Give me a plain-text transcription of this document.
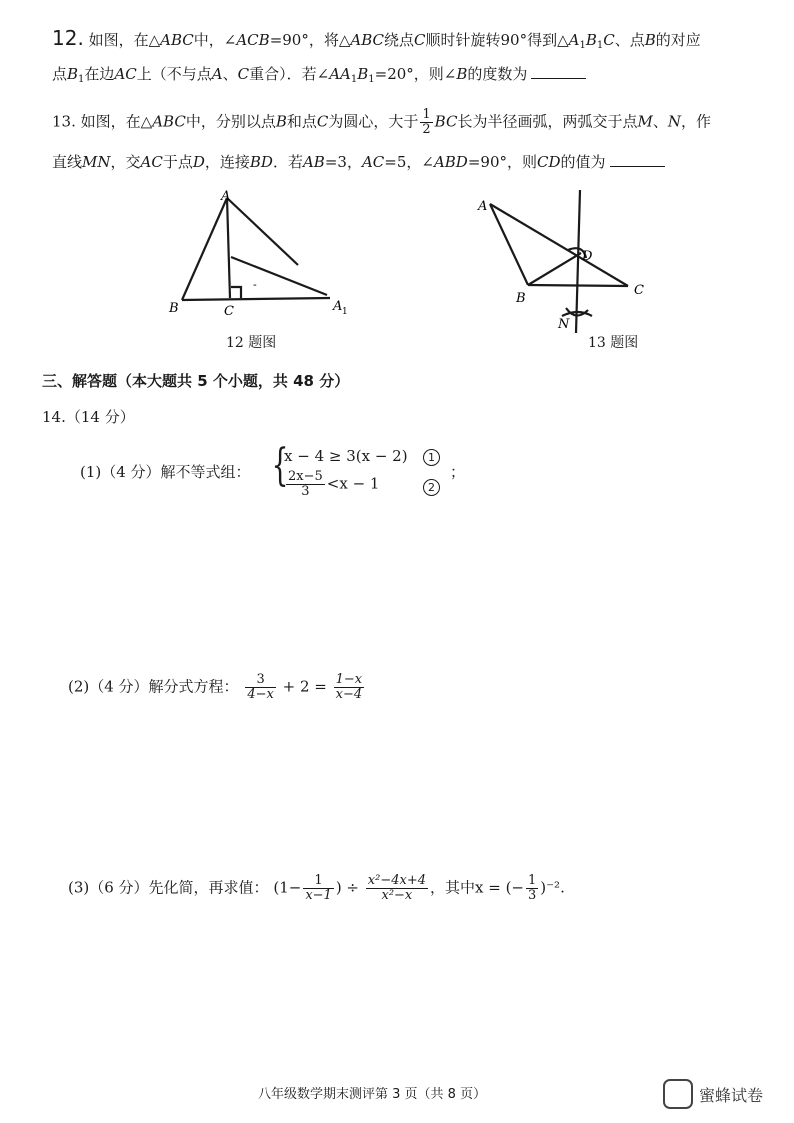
12. 如图，在△ABC中，∠ACB=90°，将△ABC绕点C顺时针旋转90°得到$\triangle A_1B_1C$、点B的对应
点$B_1$在边AC上（不与点A、C重合）．若$\angle AA_1B_1=20^\circ$，则∠B的度数为
13. 如图，在△ABC中，分别以点B和点C为圆心，大于 $\frac{1}{2}$ BC长为半径画弧，两弧交于点M、N，作
直线MN，交AC于点D，连接BD．若AB=3，AC=5，∠ABD=90°，则CD的值为
A
B	C	A 1
-
12 题图
A
B
C
D
N
13 题图
三、解答题（本大题共 5 个小题，共 48 分）
14.（14 分）
(1)（4 分）解不等式组： {
x − 4 ≥ 3(x − 2)	1
$\frac{2x-5}{3} <x - 1$	2
；
(2)（4 分）解分式方程： $\frac{3}{4-x} + 2 = \frac{1-x}{x-4}$
(3)（6 分）先化简，再求值： ($1- \frac{1}{x-1}$ ) ÷ $\frac{\text{x²−4x+4}}{\text{x²−x}}$ ，其中x = (− $\frac{1}{3} )^{-2}$.
八年级数学期末测评第 3 页（共 8 页）	蜜蜂试卷
